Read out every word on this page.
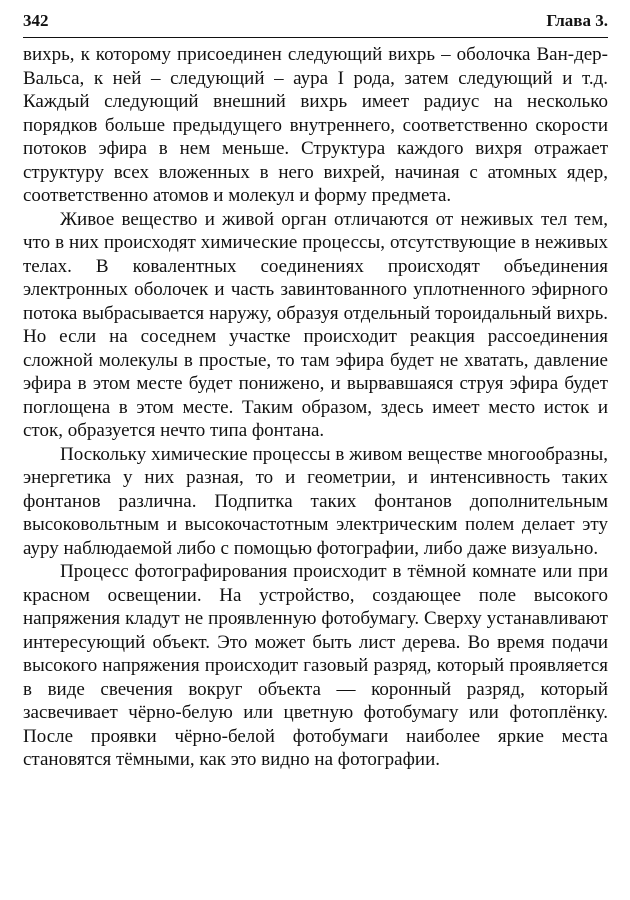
342	Глава 3.

вихрь, к которому присоединен следующий вихрь – оболочка Ван-дер-Вальса, к ней – следующий – аура I рода, затем следующий и т.д. Каждый следующий внешний вихрь имеет радиус на несколько порядков больше предыдущего внутреннего, соответственно скорости потоков эфира в нем меньше. Структура каждого вихря отражает структуру всех вложенных в него вихрей, начиная с атомных ядер, соответственно атомов и молекул и форму предмета.

Живое вещество и живой орган отличаются от неживых тел тем, что в них происходят химические процессы, отсутствующие в неживых телах. В ковалентных соединениях происходят объединения электронных оболочек и часть завинтованного уплотненного эфирного потока выбрасывается наружу, образуя отдельный тороидальный вихрь. Но если на соседнем участке происходит реакция рассоединения сложной молекулы в простые, то там эфира будет не хватать, давление эфира в этом месте будет понижено, и вырвавшаяся струя эфира будет поглощена в этом месте. Таким образом, здесь имеет место исток и сток, образуется нечто типа фонтана.

Поскольку химические процессы в живом веществе многообразны, энергетика у них разная, то и геометрии, и интенсивность таких фонтанов различна. Подпитка таких фонтанов дополнительным высоковольтным и высокочастотным электрическим полем делает эту ауру наблюдаемой либо с помощью фотографии, либо даже визуально.

Процесс фотографирования происходит в тёмной комнате или при красном освещении. На устройство, создающее поле высокого напряжения кладут не проявленную фотобумагу. Сверху устанавливают интересующий объект. Это может быть лист дерева. Во время подачи высокого напряжения происходит газовый разряд, который проявляется в виде свечения вокруг объекта — коронный разряд, который засвечивает чёрно-белую или цветную фотобумагу или фотоплёнку. После проявки чёрно-белой фотобумаги наиболее яркие места становятся тёмными, как это видно на фотографии.
